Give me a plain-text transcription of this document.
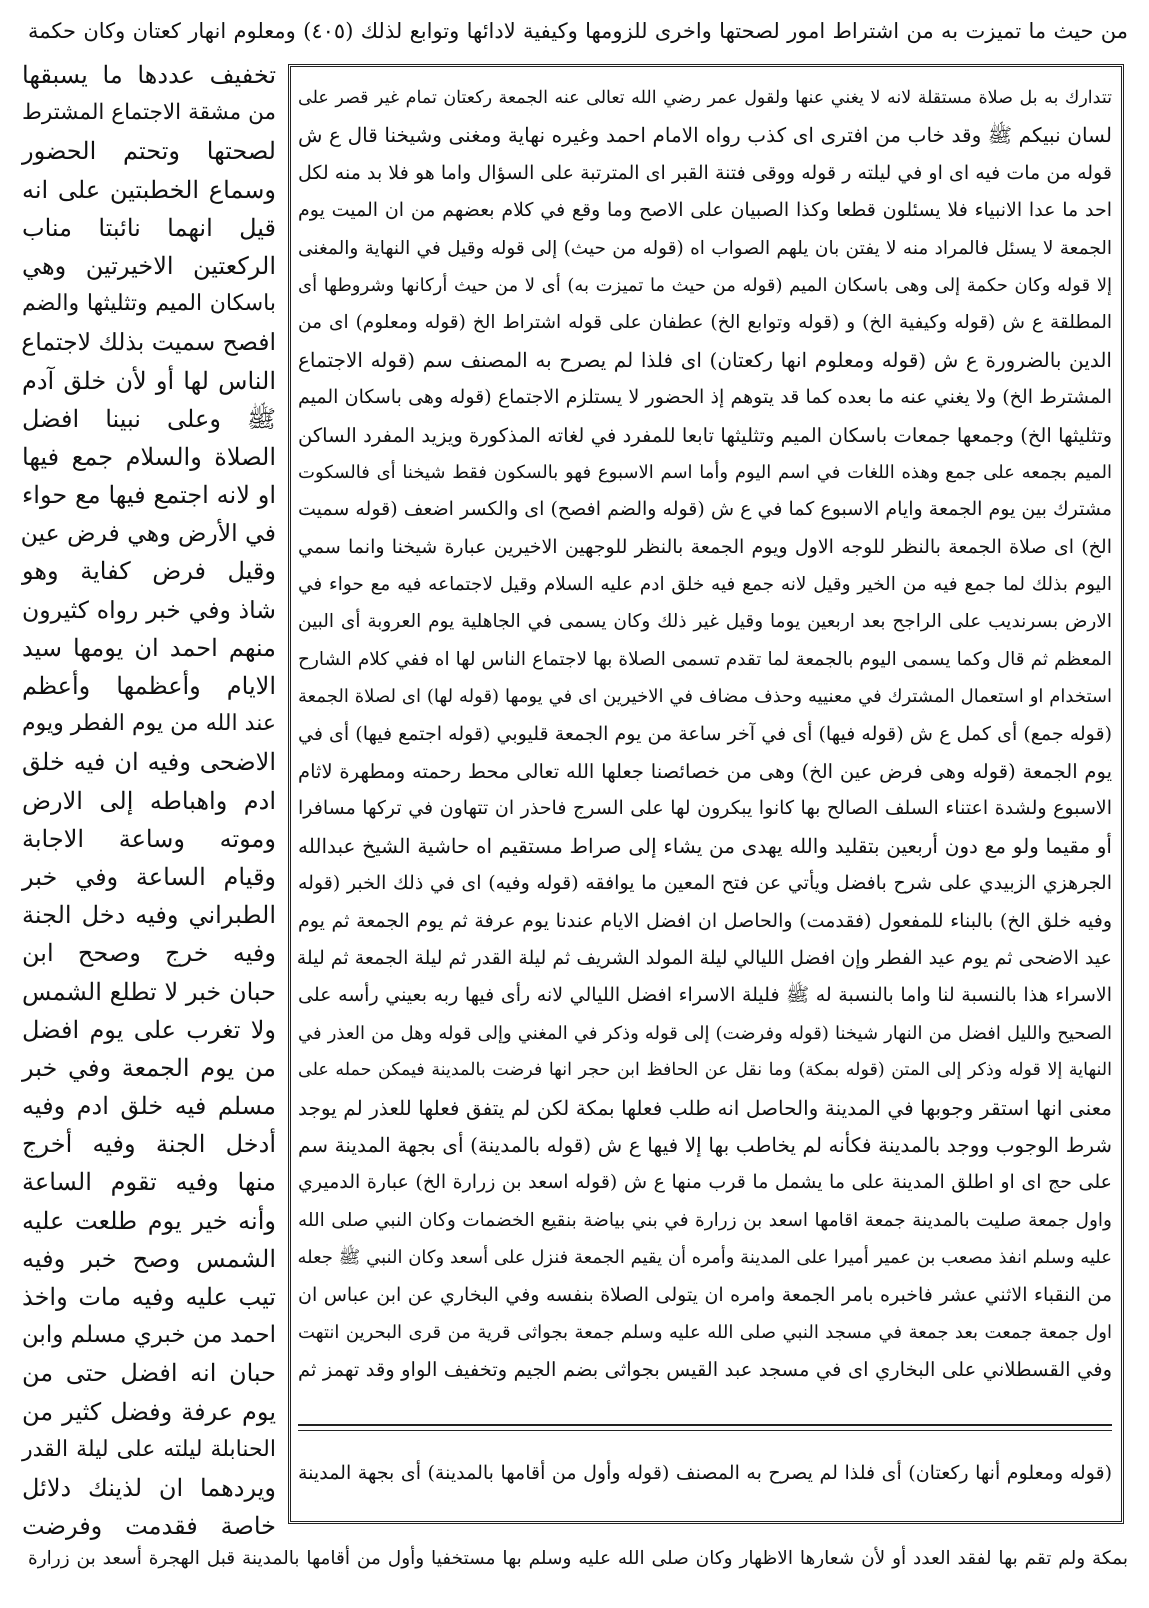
من حيث ما تميزت به من اشتراط امور لصحتها واخرى للزومها وكيفية لادائها وتوابع لذلك (٤٠٥) ومعلوم انهار كعتان وكان حكمة
تخفيف عددها ما يسبقها
من مشقة الاجتماع المشترط
لصحتها وتحتم الحضور
وسماع الخطبتين على انه
قيل انهما نائبتا مناب
الركعتين الاخيرتين وهي
باسكان الميم وتثليثها والضم
افصح سميت بذلك لاجتماع
الناس لها أو لأن خلق آدم
ﷺ وعلى نبينا افضل
الصلاة والسلام جمع فيها
او لانه اجتمع فيها مع حواء
في الأرض وهي فرض عين
وقيل فرض كفاية وهو
شاذ وفي خبر رواه كثيرون
منهم احمد ان يومها سيد
الايام وأعظمها وأعظم
عند الله من يوم الفطر ويوم
الاضحى وفيه ان فيه خلق
ادم واهباطه إلى الارض
وموته وساعة الاجابة
وقيام الساعة وفي خبر
الطبراني وفيه دخل الجنة
وفيه خرج وصحح ابن
حبان خبر لا تطلع الشمس
ولا تغرب على يوم افضل
من يوم الجمعة وفي خبر
مسلم فيه خلق ادم وفيه
أدخل الجنة وفيه أخرج
منها وفيه تقوم الساعة
وأنه خير يوم طلعت عليه
الشمس وصح خبر وفيه
تيب عليه وفيه مات واخذ
احمد من خبري مسلم وابن
حبان انه افضل حتى من
يوم عرفة وفضل كثير من
الحنابلة ليلته على ليلة القدر
ويردهما ان لذينك دلائل
خاصة فقدمت وفرضت
تتدارك به بل صلاة مستقلة لانه لا يغني عنها ولقول عمر رضي الله تعالى عنه الجمعة ركعتان تمام غير قصر على
لسان نبيكم ﷺ وقد خاب من افترى اى كذب رواه الامام احمد وغيره نهاية ومغنى وشيخنا قال ع ش
قوله من مات فيه اى او في ليلته ر قوله ووقى فتنة القبر اى المترتبة على السؤال واما هو فلا بد منه لكل
احد ما عدا الانبياء فلا يسئلون قطعا وكذا الصبيان على الاصح وما وقع في كلام بعضهم من ان الميت يوم
الجمعة لا يسئل فالمراد منه لا يفتن بان يلهم الصواب اه (قوله من حيث) إلى قوله وقيل في النهاية والمغنى
إلا قوله وكان حكمة إلى وهى باسكان الميم (قوله من حيث ما تميزت به) أى لا من حيث أركانها وشروطها أى
المطلقة ع ش (قوله وكيفية الخ) و (قوله وتوابع الخ) عطفان على قوله اشتراط الخ (قوله ومعلوم) اى من
الدين بالضرورة ع ش (قوله ومعلوم انها ركعتان) اى فلذا لم يصرح به المصنف سم (قوله الاجتماع
المشترط الخ) ولا يغني عنه ما بعده كما قد يتوهم إذ الحضور لا يستلزم الاجتماع (قوله وهى باسكان الميم
وتثليثها الخ) وجمعها جمعات باسكان الميم وتثليثها تابعا للمفرد في لغاته المذكورة ويزيد المفرد الساكن
الميم بجمعه على جمع وهذه اللغات في اسم اليوم وأما اسم الاسبوع فهو بالسكون فقط شيخنا أى فالسكوت
مشترك بين يوم الجمعة وايام الاسبوع كما في ع ش (قوله والضم افصح) اى والكسر اضعف (قوله سميت
الخ) اى صلاة الجمعة بالنظر للوجه الاول ويوم الجمعة بالنظر للوجهين الاخيرين عبارة شيخنا وانما سمي
اليوم بذلك لما جمع فيه من الخير وقيل لانه جمع فيه خلق ادم عليه السلام وقيل لاجتماعه فيه مع حواء في
الارض بسرنديب على الراجح بعد اربعين يوما وقيل غير ذلك وكان يسمى في الجاهلية يوم العروبة أى البين
المعظم ثم قال وكما يسمى اليوم بالجمعة لما تقدم تسمى الصلاة بها لاجتماع الناس لها اه ففي كلام الشارح
استخدام او استعمال المشترك في معنييه وحذف مضاف في الاخيرين اى في يومها (قوله لها) اى لصلاة الجمعة
(قوله جمع) أى كمل ع ش (قوله فيها) أى في آخر ساعة من يوم الجمعة قليوبي (قوله اجتمع فيها) أى في
يوم الجمعة (قوله وهى فرض عين الخ) وهى من خصائصنا جعلها الله تعالى محط رحمته ومطهرة لاثام
الاسبوع ولشدة اعتناء السلف الصالح بها كانوا يبكرون لها على السرج فاحذر ان تتهاون في تركها مسافرا
أو مقيما ولو مع دون أربعين بتقليد والله يهدى من يشاء إلى صراط مستقيم اه حاشية الشيخ عبدالله
الجرهزي الزبيدي على شرح بافضل ويأتي عن فتح المعين ما يوافقه (قوله وفيه) اى في ذلك الخبر (قوله
وفيه خلق الخ) بالبناء للمفعول (فقدمت) والحاصل ان افضل الايام عندنا يوم عرفة ثم يوم الجمعة ثم يوم
عيد الاضحى ثم يوم عيد الفطر وإن افضل الليالي ليلة المولد الشريف ثم ليلة القدر ثم ليلة الجمعة ثم ليلة
الاسراء هذا بالنسبة لنا واما بالنسبة له ﷺ فليلة الاسراء افضل الليالي لانه رأى فيها ربه بعيني رأسه على
الصحيح والليل افضل من النهار شيخنا (قوله وفرضت) إلى قوله وذكر في المغني وإلى قوله وهل من العذر في
النهاية إلا قوله وذكر إلى المتن (قوله بمكة) وما نقل عن الحافظ ابن حجر انها فرضت بالمدينة فيمكن حمله على
معنى انها استقر وجوبها في المدينة والحاصل انه طلب فعلها بمكة لكن لم يتفق فعلها للعذر لم يوجد
شرط الوجوب ووجد بالمدينة فكأنه لم يخاطب بها إلا فيها ع ش (قوله بالمدينة) أى بجهة المدينة سم
على حج اى او اطلق المدينة على ما يشمل ما قرب منها ع ش (قوله اسعد بن زرارة الخ) عبارة الدميري
واول جمعة صليت بالمدينة جمعة اقامها اسعد بن زرارة في بني بياضة بنقيع الخضمات وكان النبي صلى الله
عليه وسلم انفذ مصعب بن عمير أميرا على المدينة وأمره أن يقيم الجمعة فنزل على أسعد وكان النبي ﷺ جعله
من النقباء الاثني عشر فاخبره بامر الجمعة وامره ان يتولى الصلاة بنفسه وفي البخاري عن ابن عباس ان
اول جمعة جمعت بعد جمعة في مسجد النبي صلى الله عليه وسلم جمعة بجواثى قرية من قرى البحرين انتهت
وفي القسطلاني على البخاري اى في مسجد عبد القيس بجواثى بضم الجيم وتخفيف الواو وقد تهمز ثم
(قوله ومعلوم أنها ركعتان) أى فلذا لم يصرح به المصنف (قوله وأول من أقامها بالمدينة) أى بجهة المدينة
بمكة ولم تقم بها لفقد العدد أو لأن شعارها الاظهار وكان صلى الله عليه وسلم بها مستخفيا وأول من أقامها بالمدينة قبل الهجرة أسعد بن زرارة
